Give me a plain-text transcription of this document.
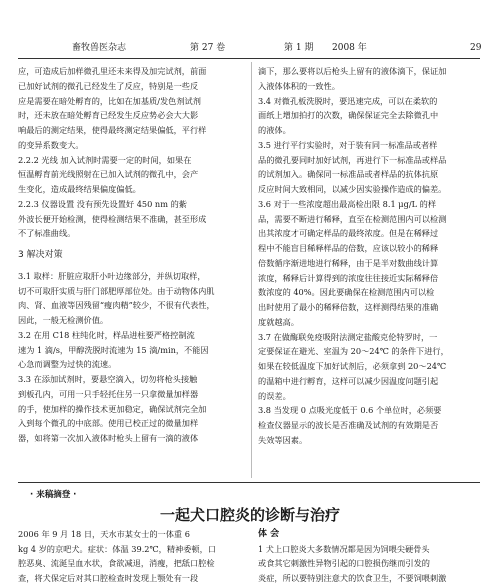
畜牧兽医杂志	第 27 卷	第 1 期 2008 年	29

应，可造成后加样微孔里还未来得及加完试剂，前面
已加好试剂的微孔已经发生了反应，特别是一些反
应是需要在暗处孵育的，比如在加基质/发色剂试剂
时，还未放在暗处孵育已经发生反应势必会大大影
响最后的测定结果，使得最终测定结果偏低，平行样
的变异系数变大。

2.2.2 光线 加入试剂时需要一定的时间，如果在
恒温孵育前光线照射在已加入试剂的微孔中，会产
生变化，造成最终结果偏度偏低。

2.2.3 仪器设置 没有预先设置好 450 nm 的紫
外波长便开始检测，使得检测结果不准确，甚至形成
不了标准曲线。

3 解决对策

3.1 取样：肝脏应取肝小叶边缘部分，并纵切取样，
切不可取肝实质与肝门部肥厚部位处。由于动物体内肌
肉、肾、血液等因残留“瘦肉精”较少，不很有代表性，
因此，一般无检测价值。

3.2 在用 C18 柱纯化时，样品进柱要严格控制流
速为 1 滴/s，甲醇洗脱时流速为 15 滴/min，不能因
心急而调整为过快的流速。

3.3 在添加试剂时，要悬空滴入，切勿将枪头接触
到板孔内，可用一只手轻托住另一只拿微量加样器
的手，使加样的操作技术更加稳定，确保试剂完全加
入到每个微孔的中底部。使用已校正过的微量加样
器，如将第一次加入液体时枪头上留有一滴的液体

滴下，那么要将以后枪头上留有的液体滴下，保证加
入液体体积的一致性。

3.4 对微孔板洗脱时，要迅速完成，可以在柔软的
面纸上增加拍打的次数，确保保证完全去除微孔中
的液体。

3.5 进行平行实验时，对于装有同一标准品或者样
品的微孔要同时加好试剂，再进行下一标准品或样品
的试剂加入。确保同一标准品或者样品的抗体抗原
反应时间大致相同，以减少因实验操作造成的偏差。

3.6 对于一些浓度超出最高检出限 8.1 μg/L 的样
品，需要不断进行稀释，直至在检测范围内可以检测
出其浓度才可确定样品的最终浓度。但是在稀释过
程中不能盲目稀释样品的倍数，应该以较小的稀释
倍数循序渐进地进行稀释，由于是半对数曲线计算
浓度，稀释后计算得到的浓度往往接近实际稀释倍
数浓度的 40%。因此要确保在检测范围内可以检
出时使用了最小的稀释倍数，这样测得结果的准确
度就越高。

3.7 在做酶联免疫吸附法测定盐酸克伦特罗时，一
定要保证在避光、室温为 20～24℃ 的条件下进行，
如果在较低温度下加好试剂后，必须拿到 20～24℃
的温箱中进行孵育，这样可以减少因温度问题引起
的误差。

3.8 当发现 0 点吸光度低于 0.6 个单位时，必须要
检查仪器显示的波长是否准确及试剂的有效期是否
失效等因素。

· 来稿摘登 ·
一起犬口腔炎的诊断与治疗
2006 年 9 月 18 日，天水市某女士的一体重 6
kg 4 岁的京吧犬。症状：体温 39.2℃，精神委顿，口
腔恶臭、流涎呈血水状，食欲减退，消瘦，把舐口腔检
查，将犬保定后对其口腔检查时发现上颚处有一段
体 会
1 犬上口腔炎大多数情况都是因为饲喂尖硬骨头
或食其它刺激性异物引起的口腔损伤继而引发的
炎症，所以要特别注意犬的饮食卫生，不要饲喂刺激
